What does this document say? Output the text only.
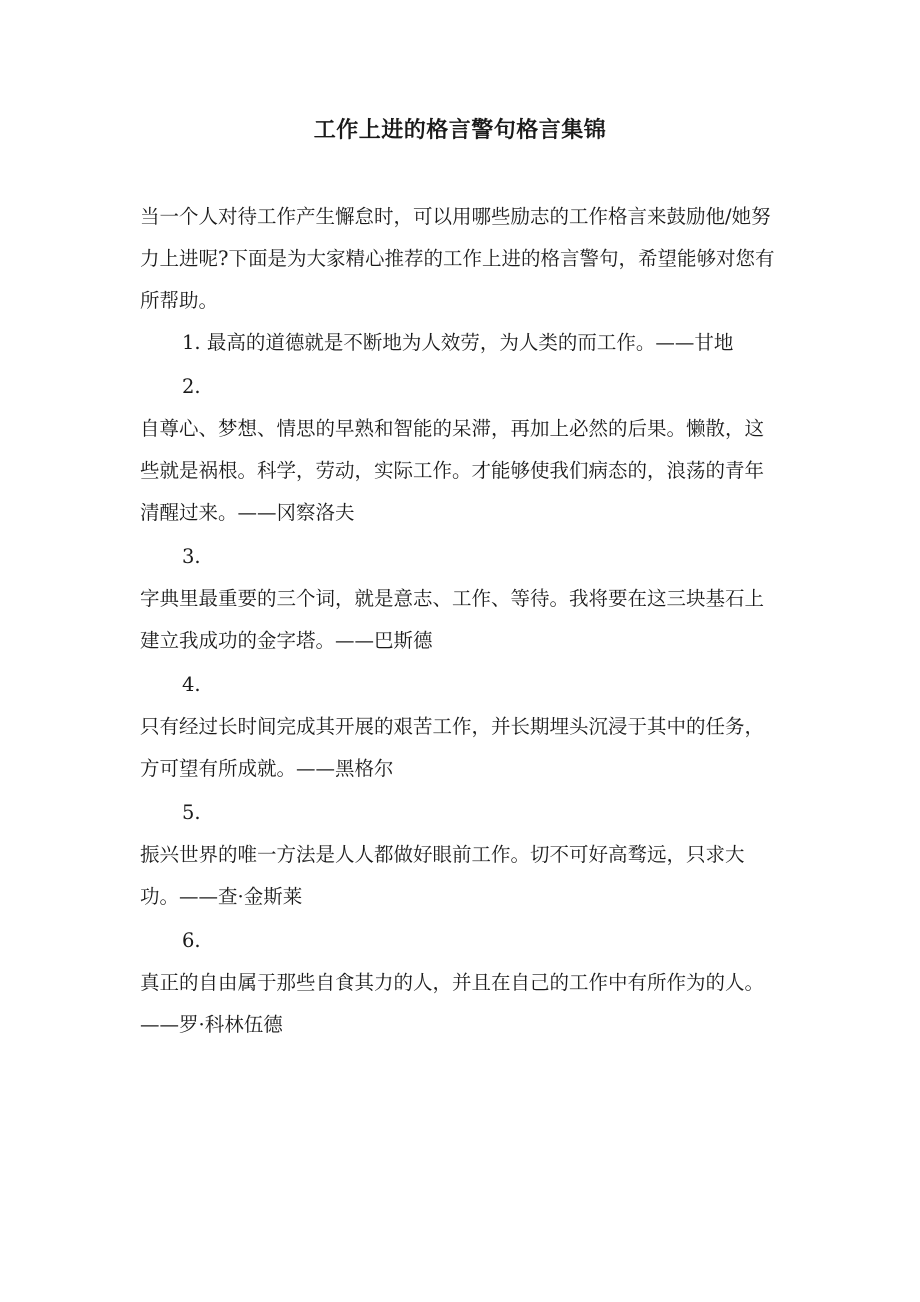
工作上进的格言警句格言集锦

当一个人对待工作产生懈怠时，可以用哪些励志的工作格言来鼓励他/她努力上进呢?下面是为大家精心推荐的工作上进的格言警句，希望能够对您有所帮助。

1. 最高的道德就是不断地为人效劳，为人类的而工作。——甘地

2.

自尊心、梦想、情思的早熟和智能的呆滞，再加上必然的后果。懒散，这些就是祸根。科学，劳动，实际工作。才能够使我们病态的，浪荡的青年清醒过来。——冈察洛夫

3.

字典里最重要的三个词，就是意志、工作、等待。我将要在这三块基石上建立我成功的金字塔。——巴斯德

4.

只有经过长时间完成其开展的艰苦工作，并长期埋头沉浸于其中的任务，方可望有所成就。——黑格尔

5.

振兴世界的唯一方法是人人都做好眼前工作。切不可好高骛远，只求大功。——查·金斯莱

6.

真正的自由属于那些自食其力的人，并且在自己的工作中有所作为的人。——罗·科林伍德
